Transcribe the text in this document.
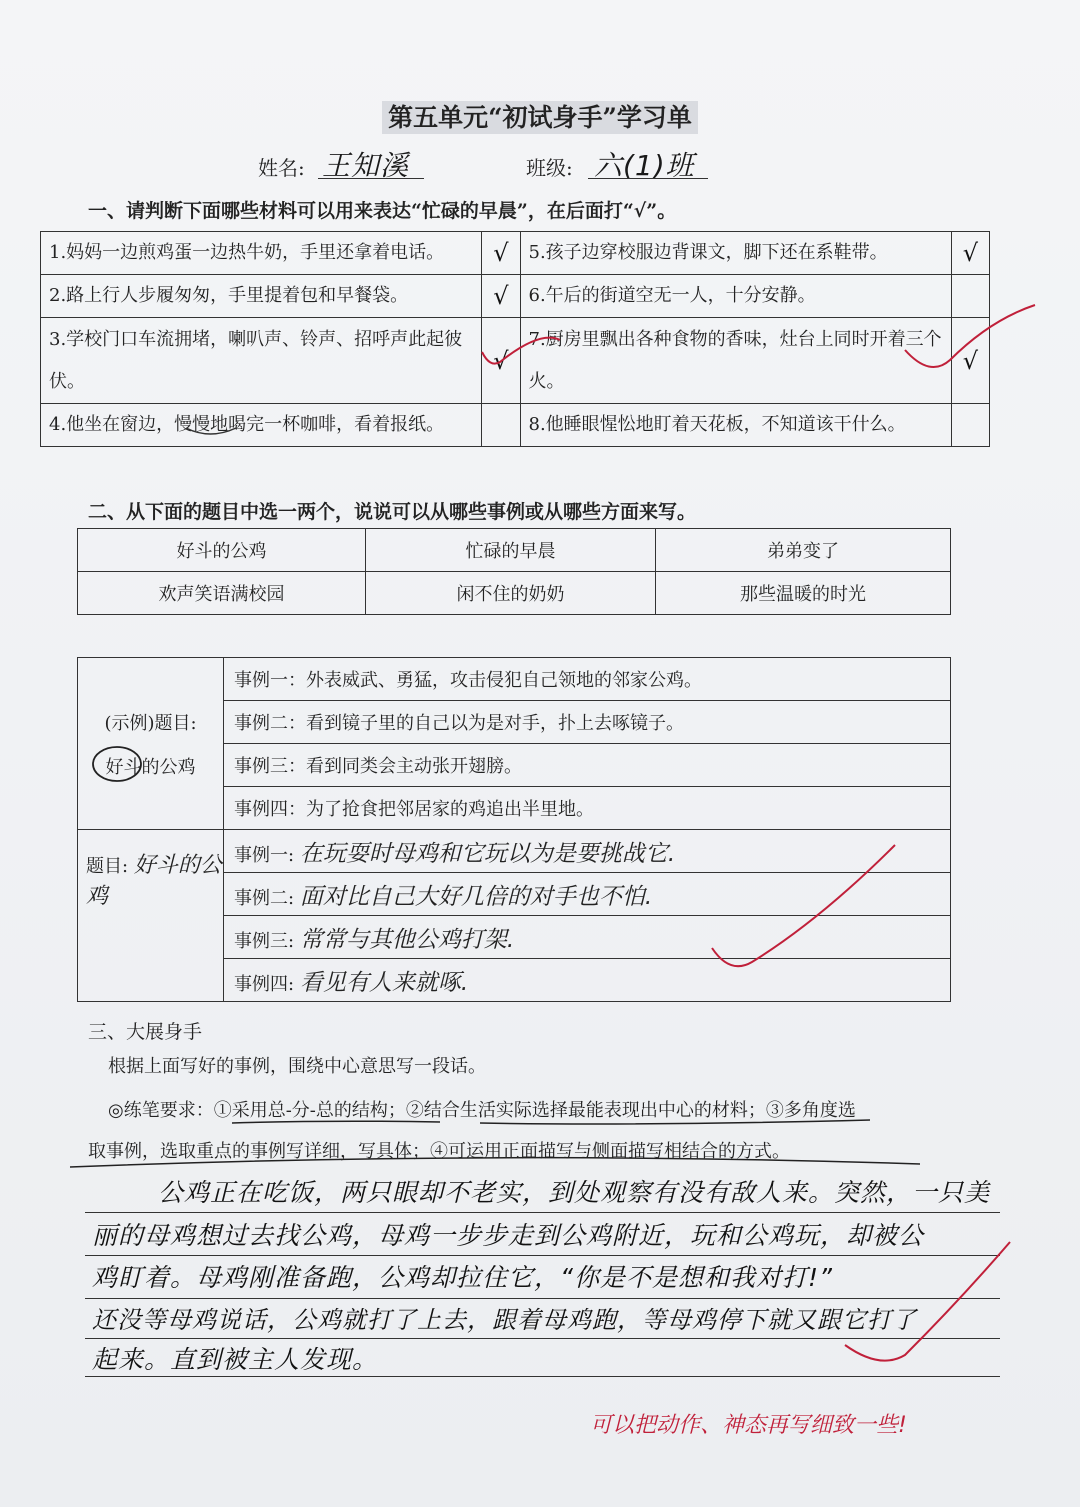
第五单元“初试身手”学习单
姓名: 王知溪	班级: 六(1)班
一、请判断下面哪些材料可以用来表达“忙碌的早晨”，在后面打“√”。
1.妈妈一边煎鸡蛋一边热牛奶，手里还拿着电话。	√	5.孩子边穿校服边背课文，脚下还在系鞋带。	√
2.路上行人步履匆匆，手里提着包和早餐袋。	√	6.午后的街道空无一人，十分安静。	
3.学校门口车流拥堵，喇叭声、铃声、招呼声此起彼伏。	√	7.厨房里飘出各种食物的香味，灶台上同时开着三个火。	√
4.他坐在窗边，慢慢地喝完一杯咖啡，看着报纸。		8.他睡眼惺忪地盯着天花板，不知道该干什么。	
二、从下面的题目中选一两个，说说可以从哪些事例或从哪些方面来写。
好斗的公鸡	忙碌的早晨	弟弟变了
欢声笑语满校园	闲不住的奶奶	那些温暖的时光
(示例)题目:
好斗的公鸡	事例一：外表威武、勇猛，攻击侵犯自己领地的邻家公鸡。
	事例二：看到镜子里的自己以为是对手，扑上去啄镜子。
	事例三：看到同类会主动张开翅膀。
	事例四：为了抢食把邻居家的鸡追出半里地。
题目: 好斗的公鸡	事例一: 在玩耍时母鸡和它玩以为是要挑战它.
	事例二: 面对比自己大好几倍的对手也不怕.
	事例三: 常常与其他公鸡打架.
	事例四: 看见有人来就啄.
三、大展身手
根据上面写好的事例，围绕中心意思写一段话。
◎练笔要求：①采用总-分-总的结构；②结合生活实际选择最能表现出中心的材料；③多角度选
取事例，选取重点的事例写详细，写具体；④可运用正面描写与侧面描写相结合的方式。
公鸡正在吃饭，两只眼却不老实，到处观察有没有敌人来。突然，一只美
丽的母鸡想过去找公鸡，母鸡一步步走到公鸡附近，玩和公鸡玩，却被公
鸡盯着。母鸡刚准备跑，公鸡却拉住它，“你是不是想和我对打!”
还没等母鸡说话，公鸡就打了上去，跟着母鸡跑，等母鸡停下就又跟它打了
起来。直到被主人发现。
可以把动作、神态再写细致一些!
